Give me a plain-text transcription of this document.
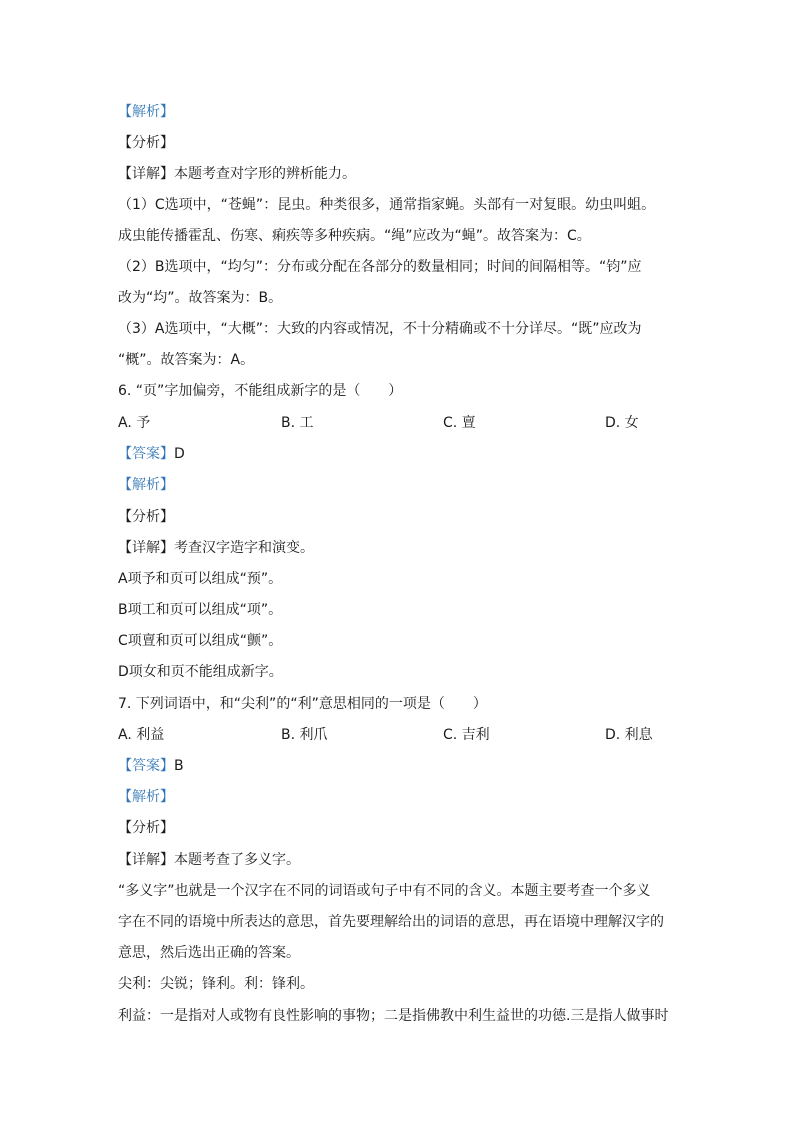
【解析】
【分析】
【详解】本题考查对字形的辨析能力。
（1）C选项中，“苍蝇”：昆虫。种类很多，通常指家蝇。头部有一对复眼。幼虫叫蛆。
成虫能传播霍乱、伤寒、痢疾等多种疾病。“绳”应改为“蝇”。故答案为：C。
（2）B选项中，“均匀”：分布或分配在各部分的数量相同；时间的间隔相等。“钧”应
改为“均”。故答案为：B。
（3）A选项中，“大概”：大致的内容或情况，不十分精确或不十分详尽。“既”应改为
“概”。故答案为：A。
6. “页”字加偏旁，不能组成新字的是（　　）
A. 予	B. 工	C. 亶	D. 女
【答案】D
【解析】
【分析】
【详解】考查汉字造字和演变。
A项予和页可以组成“预”。
B项工和页可以组成“项”。
C项亶和页可以组成“颤”。
D项女和页不能组成新字。
7. 下列词语中，和“尖利”的“利”意思相同的一项是（　　）
A. 利益	B. 利爪	C. 吉利	D. 利息
【答案】B
【解析】
【分析】
【详解】本题考查了多义字。
“多义字”也就是一个汉字在不同的词语或句子中有不同的含义。本题主要考查一个多义
字在不同的语境中所表达的意思，首先要理解给出的词语的意思，再在语境中理解汉字的
意思，然后选出正确的答案。
尖利：尖锐；锋利。利：锋利。
利益：一是指对人或物有良性影响的事物；二是指佛教中利生益世的功德.三是指人做事时
